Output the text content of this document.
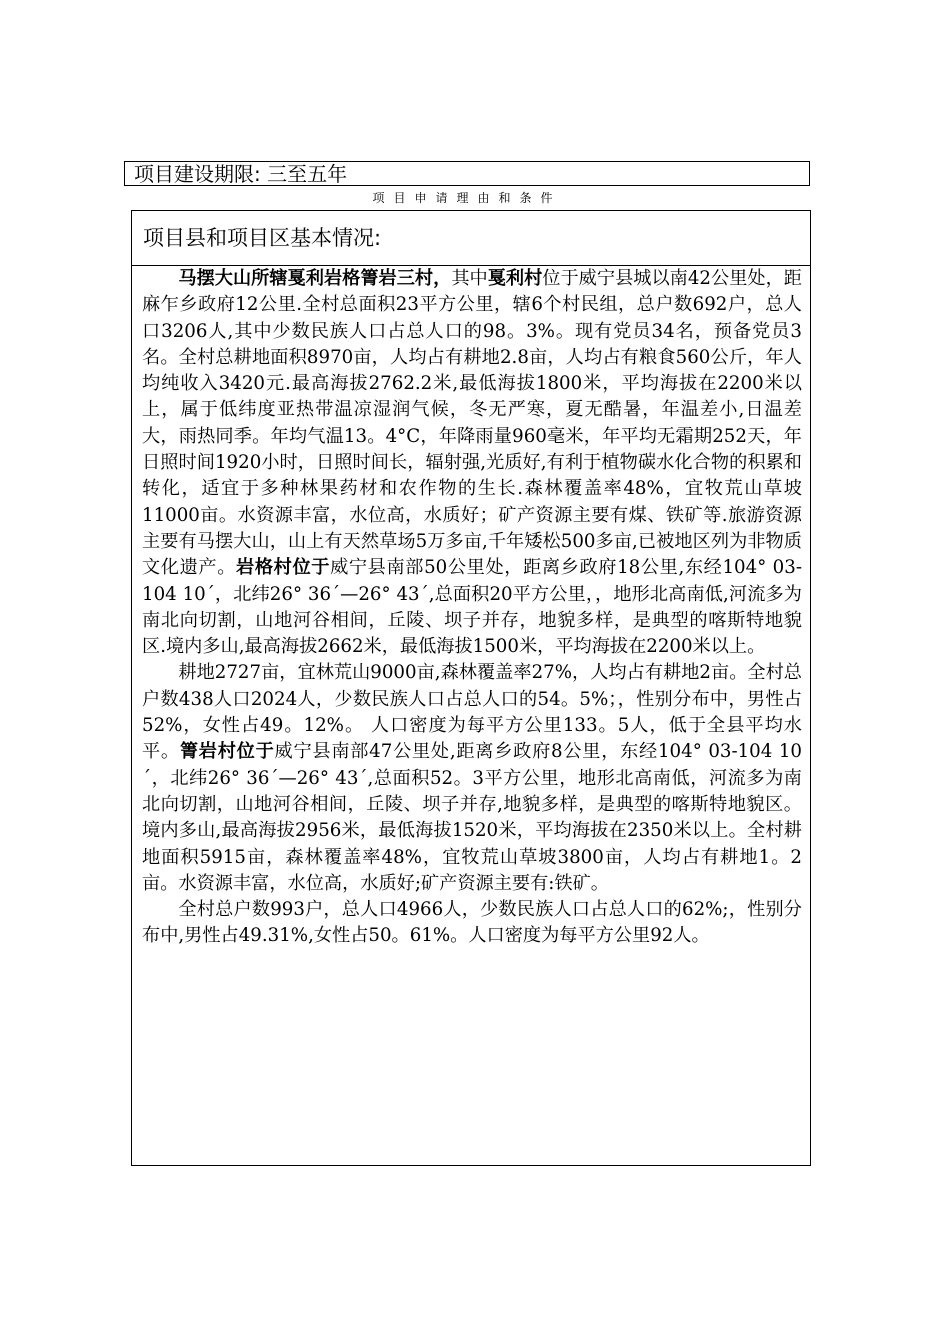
项目建设期限: 三至五年
项目申请理由和条件
项目县和项目区基本情况:

马摆大山所辖戛利岩格箐岩三村，其中戛利村位于威宁县城以南42公里处，距麻乍乡政府12公里.全村总面积23平方公里，辖6个村民组，总户数692户，总人口3206人,其中少数民族人口占总人口的98。3%。现有党员34名，预备党员3名。全村总耕地面积8970亩，人均占有耕地2.8亩，人均占有粮食560公斤，年人均纯收入3420元.最高海拔2762.2米,最低海拔1800米，平均海拔在2200米以上，属于低纬度亚热带温凉湿润气候，冬无严寒，夏无酷暑，年温差小,日温差大，雨热同季。年均气温13。4°C，年降雨量960毫米，年平均无霜期252天，年日照时间1920小时，日照时间长，辐射强,光质好,有利于植物碳水化合物的积累和转化，适宜于多种林果药材和农作物的生长.森林覆盖率48%，宜牧荒山草坡11000亩。水资源丰富，水位高，水质好；矿产资源主要有煤、铁矿等.旅游资源主要有马摆大山，山上有天然草场5万多亩,千年矮松500多亩,已被地区列为非物质文化遗产。岩格村位于威宁县南部50公里处，距离乡政府18公里,东经104° 03-104 10´，北纬26° 36´—26° 43´,总面积20平方公里，，地形北高南低,河流多为南北向切割，山地河谷相间，丘陵、坝子并存，地貌多样，是典型的喀斯特地貌区.境内多山,最高海拔2662米，最低海拔1500米，平均海拔在2200米以上。

耕地2727亩，宜林荒山9000亩,森林覆盖率27%，人均占有耕地2亩。全村总户数438人口2024人，少数民族人口占总人口的54。5%；，性别分布中，男性占52%，女性占49。12%。 人口密度为每平方公里133。5人，低于全县平均水平。箐岩村位于威宁县南部47公里处,距离乡政府8公里，东经104° 03-104 10´，北纬26° 36´—26° 43´,总面积52。3平方公里，地形北高南低，河流多为南北向切割，山地河谷相间，丘陵、坝子并存,地貌多样，是典型的喀斯特地貌区。境内多山,最高海拔2956米，最低海拔1520米，平均海拔在2350米以上。全村耕地面积5915亩，森林覆盖率48%，宜牧荒山草坡3800亩，人均占有耕地1。2亩。水资源丰富，水位高，水质好;矿产资源主要有:铁矿。

全村总户数993户，总人口4966人，少数民族人口占总人口的62%;，性别分布中,男性占49.31%,女性占50。61%。人口密度为每平方公里92人。
